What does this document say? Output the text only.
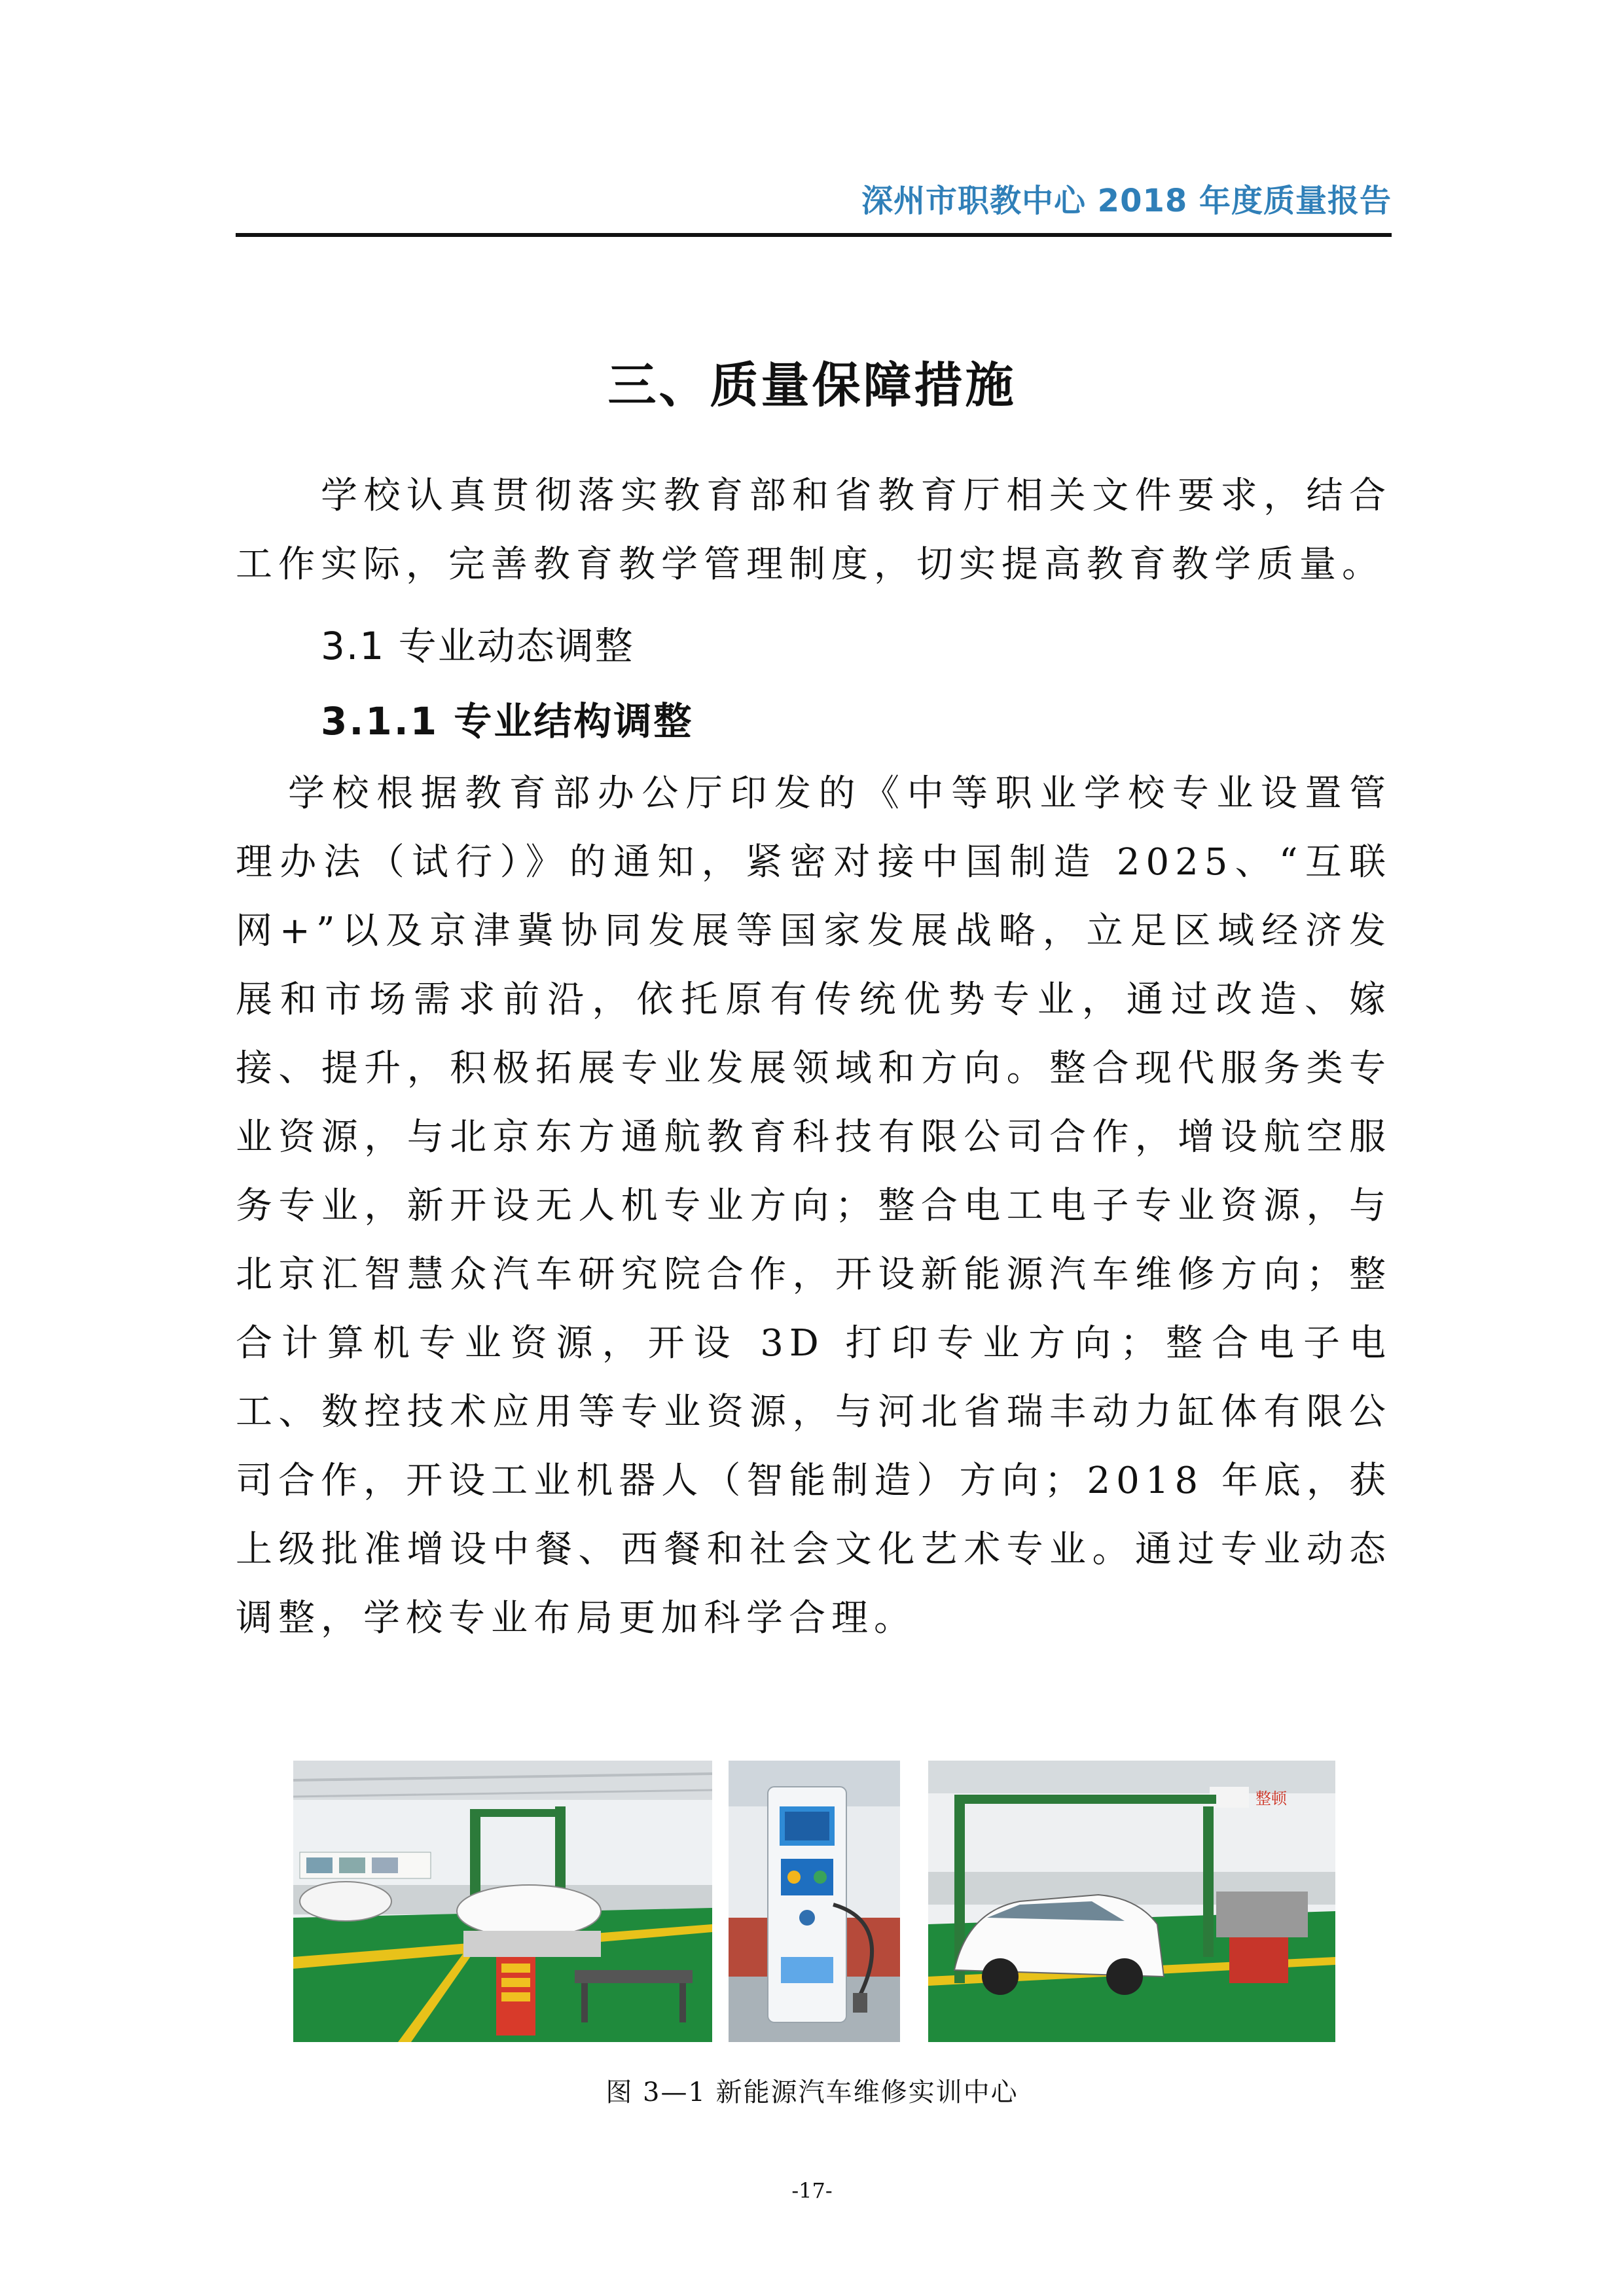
深州市职教中心 2018 年度质量报告
三、质量保障措施

学校认真贯彻落实教育部和省教育厅相关文件要求，结合工作实际，完善教育教学管理制度，切实提高教育教学质量。

3.1 专业动态调整
3.1.1 专业结构调整

学校根据教育部办公厅印发的《中等职业学校专业设置管理办法（试行）》的通知，紧密对接中国制造 2025、“互联网+”以及京津冀协同发展等国家发展战略，立足区域经济发展和市场需求前沿，依托原有传统优势专业，通过改造、嫁接、提升，积极拓展专业发展领域和方向。整合现代服务类专业资源，与北京东方通航教育科技有限公司合作，增设航空服务专业，新开设无人机专业方向；整合电工电子专业资源，与北京汇智慧众汽车研究院合作，开设新能源汽车维修方向；整合计算机专业资源，开设 3D 打印专业方向；整合电子电工、数控技术应用等专业资源，与河北省瑞丰动力缸体有限公司合作，开设工业机器人（智能制造）方向；2018 年底，获上级批准增设中餐、西餐和社会文化艺术专业。通过专业动态调整，学校专业布局更加科学合理。

整顿
图 3—1 新能源汽车维修实训中心
-17-
